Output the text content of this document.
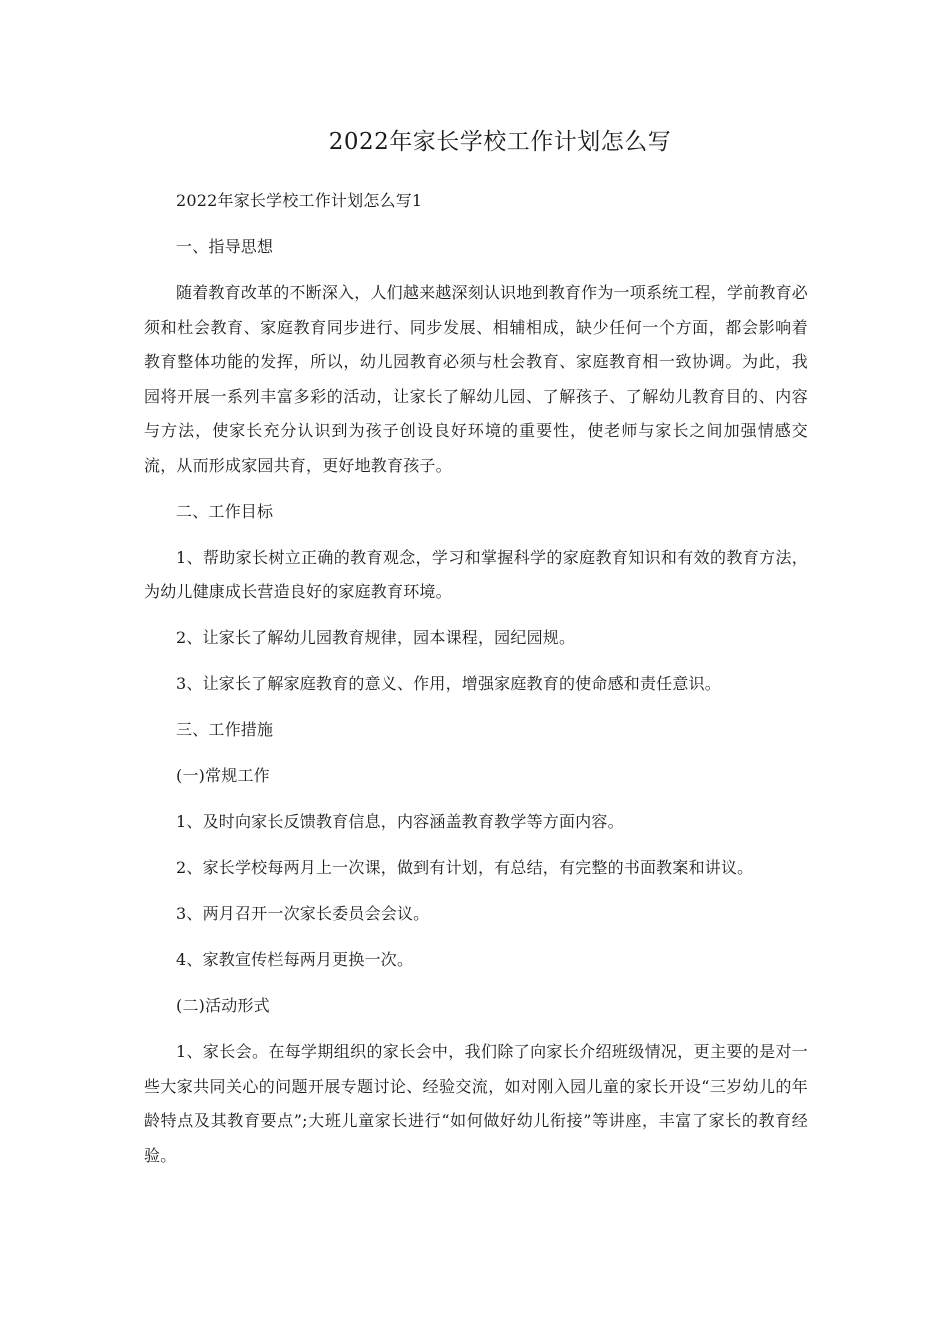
2022年家长学校工作计划怎么写

2022年家长学校工作计划怎么写1

一、指导思想

随着教育改革的不断深入，人们越来越深刻认识地到教育作为一项系统工程，学前教育必须和杜会教育、家庭教育同步进行、同步发展、相辅相成，缺少任何一个方面，都会影响着教育整体功能的发挥，所以，幼儿园教育必须与杜会教育、家庭教育相一致协调。为此，我园将开展一系列丰富多彩的活动，让家长了解幼儿园、了解孩子、了解幼儿教育目的、内容与方法，使家长充分认识到为孩子创设良好环境的重要性，使老师与家长之间加强情感交流，从而形成家园共育，更好地教育孩子。

二、工作目标

1、帮助家长树立正确的教育观念，学习和掌握科学的家庭教育知识和有效的教育方法，为幼儿健康成长营造良好的家庭教育环境。

2、让家长了解幼儿园教育规律，园本课程，园纪园规。

3、让家长了解家庭教育的意义、作用，增强家庭教育的使命感和责任意识。

三、工作措施

(一)常规工作

1、及时向家长反馈教育信息，内容涵盖教育教学等方面内容。

2、家长学校每两月上一次课，做到有计划，有总结，有完整的书面教案和讲议。

3、两月召开一次家长委员会会议。

4、家教宣传栏每两月更换一次。

(二)活动形式

1、家长会。在每学期组织的家长会中，我们除了向家长介绍班级情况，更主要的是对一些大家共同关心的问题开展专题讨论、经验交流，如对刚入园儿童的家长开设“三岁幼儿的年龄特点及其教育要点”;大班儿童家长进行“如何做好幼儿衔接”等讲座，丰富了家长的教育经验。
